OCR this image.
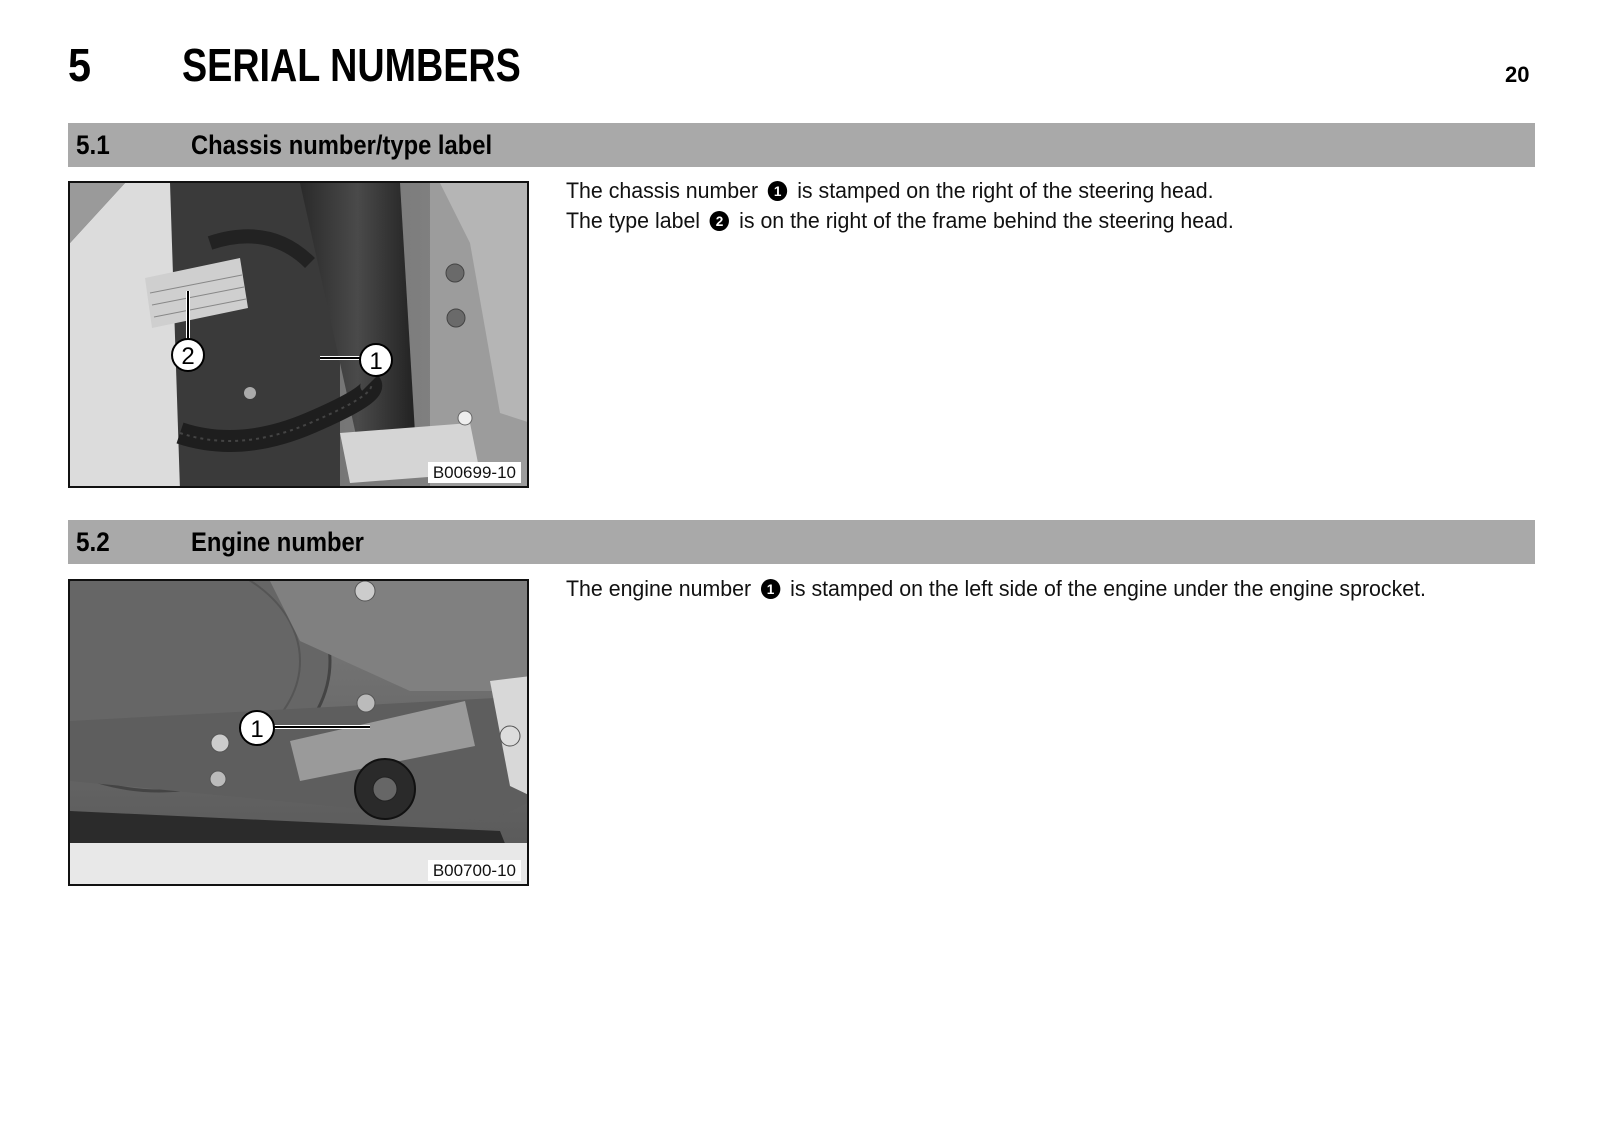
5 SERIAL NUMBERS	20
5.1	Chassis number/type label
2	1
B00699-10
The chassis number 1 is stamped on the right of the steering head.
The type label 2 is on the right of the frame behind the steering head.
5.2	Engine number
1
B00700-10
The engine number 1 is stamped on the left side of the engine under the engine sprocket.
